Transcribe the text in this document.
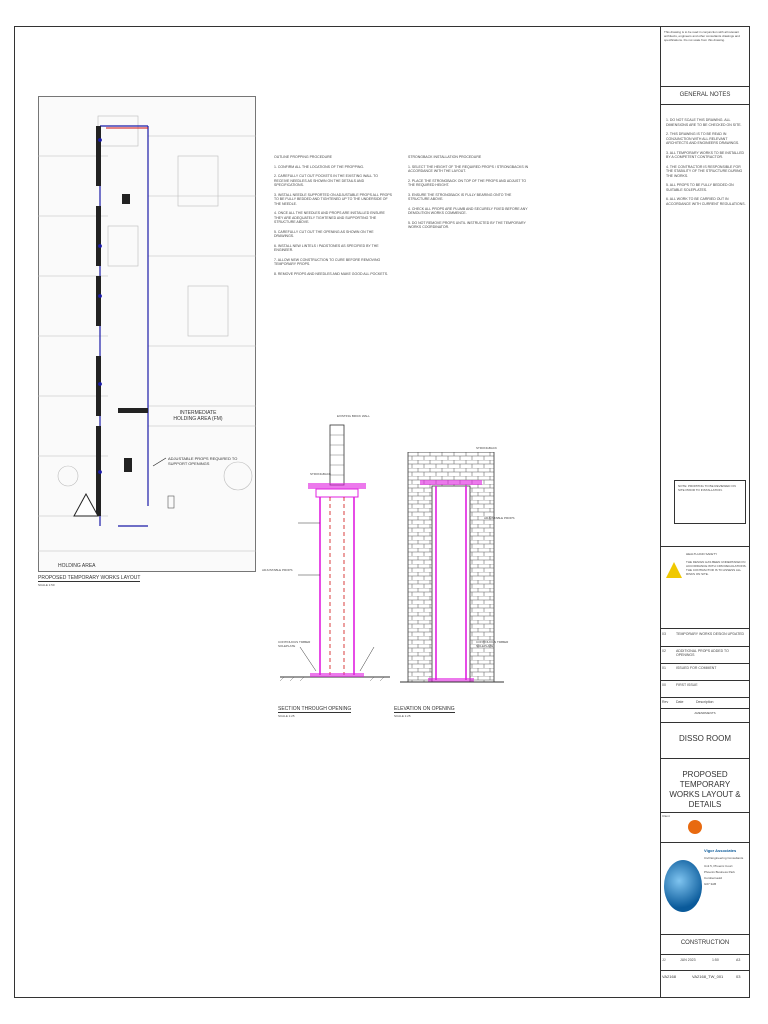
ADJUSTABLE PROPS REQUIRED TO SUPPORT OPENINGS
HOLDING AREA
INTERMEDIATE HOLDING AREA (FM)
PROPOSED TEMPORARY WORKS LAYOUT
SCALE 1:50

OUTLINE PROPPING PROCEDURE

1. CONFIRM ALL THE LOCATIONS OF THE PROPPING.

2. CAREFULLY CUT OUT POCKETS IN THE EXISTING WALL TO RECEIVE NEEDLES AS SHOWN ON THE DETAILS AND SPECIFICATIONS.

3. INSTALL NEEDLE SUPPORTED ON ADJUSTABLE PROPS ALL PROPS TO BE FULLY BEDDED AND TIGHTENED UP TO THE UNDERSIDE OF THE NEEDLE.

4. ONCE ALL THE NEEDLES AND PROPS ARE INSTALLED ENSURE THEY ARE ADEQUATELY TIGHTENED AND SUPPORTING THE STRUCTURE ABOVE.

5. CAREFULLY CUT OUT THE OPENING AS SHOWN ON THE DRAWINGS.

6. INSTALL NEW LINTELS / PADSTONES AS SPECIFIED BY THE ENGINEER.

7. ALLOW NEW CONSTRUCTION TO CURE BEFORE REMOVING TEMPORARY PROPS.

8. REMOVE PROPS AND NEEDLES AND MAKE GOOD ALL POCKETS.

STRONGBACK INSTALLATION PROCEDURE

1. SELECT THE HEIGHT OF THE REQUIRED PROPS / STRONGBACKS IN ACCORDANCE WITH THE LAYOUT.

2. PLACE THE STRONGBACK ON TOP OF THE PROPS AND ADJUST TO THE REQUIRED HEIGHT.

3. ENSURE THE STRONGBACK IS FULLY BEARING ONTO THE STRUCTURE ABOVE.

4. CHECK ALL PROPS ARE PLUMB AND SECURELY FIXED BEFORE ANY DEMOLITION WORKS COMMENCE.

5. DO NOT REMOVE PROPS UNTIL INSTRUCTED BY THE TEMPORARY WORKS COORDINATOR.

EXISTING BRICK WALL
STRONGBACK
ADJUSTABLE PROPS
CONTINUOUS TIMBER SOLEPLATE
SECTION THROUGH OPENING
SCALE 1:25
STRONGBACK
ADJUSTABLE PROPS
CONTINUOUS TIMBER SOLEPLATE
ELEVATION ON OPENING
SCALE 1:25
This drawing is to be read in conjunction with all relevant architects, engineers and other consultants drawings and specifications. Do not scale from this drawing.
GENERAL NOTES

1. DO NOT SCALE THIS DRAWING. ALL DIMENSIONS ARE TO BE CHECKED ON SITE.

2. THIS DRAWING IS TO BE READ IN CONJUNCTION WITH ALL RELEVANT ARCHITECTS AND ENGINEERS DRAWINGS.

3. ALL TEMPORARY WORKS TO BE INSTALLED BY A COMPETENT CONTRACTOR.

4. THE CONTRACTOR IS RESPONSIBLE FOR THE STABILITY OF THE STRUCTURE DURING THE WORKS.

5. ALL PROPS TO BE FULLY BEDDED ON SUITABLE SOLEPLATES.

6. ALL WORK TO BE CARRIED OUT IN ACCORDANCE WITH CURRENT REGULATIONS.

NOTE: PROPPING TO BE REVIEWED ON SITE PRIOR TO INSTALLATION.
HEALTH AND SAFETY
THE DESIGN HAS BEEN UNDERTAKEN IN ACCORDANCE WITH CDM REGULATIONS. THE CONTRACTOR IS TO ASSESS ALL RISKS ON SITE.
03	TEMPORARY WORKS DESIGN UPDATED
02	ADDITIONAL PROPS ADDED TO OPENINGS
01	ISSUED FOR COMMENT
00	FIRST ISSUE
Rev	Date	Description
AMENDMENTS
DISSO ROOM
PROPOSED TEMPORARY WORKS LAYOUT & DETAILS
Client
Vigor Associates
Civil Engineering Consultants
Unit 5, Phoenix Court
Phoenix Business Park
Cumbernauld
G67 3AB
CONSTRUCTION
JJ	JUN 2023	1:50	A3
VA2168	VA2168_TW_001	03
